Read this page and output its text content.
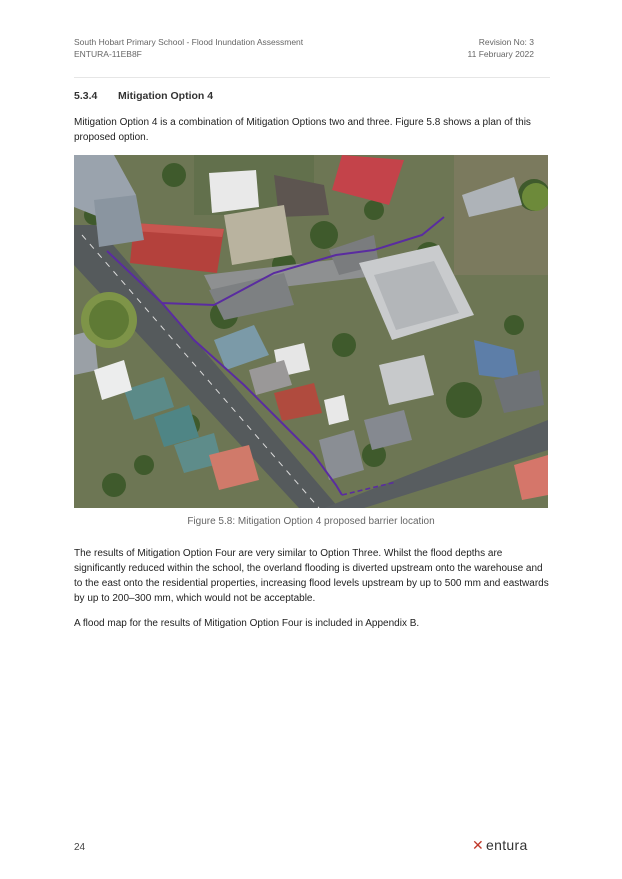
South Hobart Primary School - Flood Inundation Assessment
ENTURA-11EB8F
Revision No: 3
11 February 2022
5.3.4 Mitigation Option 4

Mitigation Option 4 is a combination of Mitigation Options two and three. Figure 5.8 shows a plan of this proposed option.

Figure 5.8: Mitigation Option 4 proposed barrier location

The results of Mitigation Option Four are very similar to Option Three. Whilst the flood depths are significantly reduced within the school, the overland flooding is diverted upstream onto the warehouse and to the east onto the residential properties, increasing flood levels upstream by up to 500 mm and eastwards by up to 200–300 mm, which would not be acceptable.

A flood map for the results of Mitigation Option Four is included in Appendix B.

24	✕ entura
